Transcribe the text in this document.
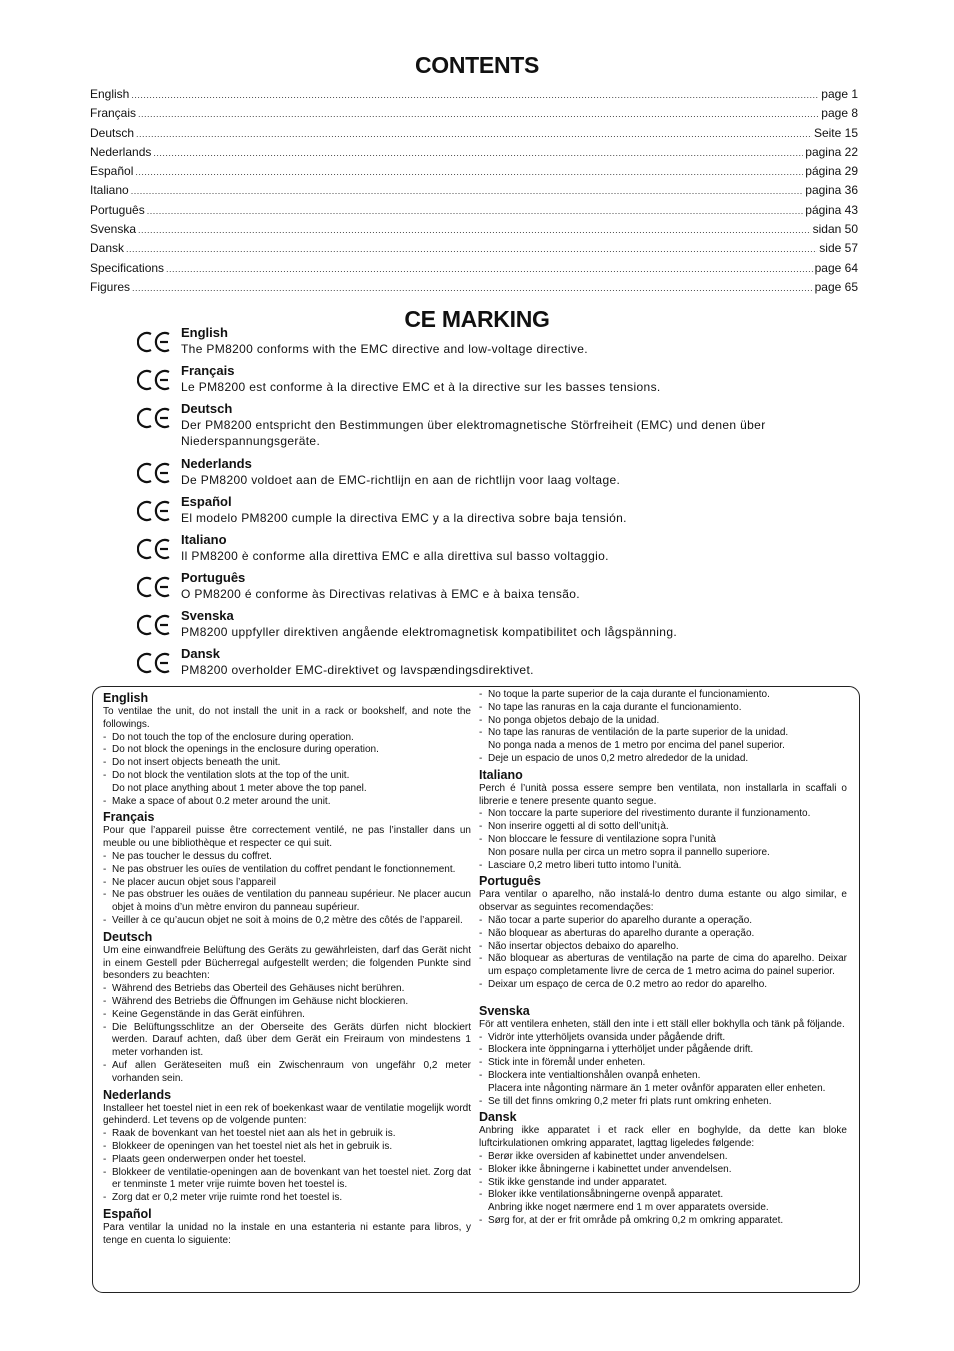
CONTENTS
English .....	page 1
Français .....	page 8
Deutsch .....	Seite 15
Nederlands .....	pagina 22
Español .....	página 29
Italiano .....	pagina 36
Português .....	página 43
Svenska .....	sidan 50
Dansk .....	side 57
Specifications .....	page 64
Figures .....	page 65
CE MARKING
English
The PM8200 conforms with the EMC directive and low-voltage directive.
Français
Le PM8200 est conforme à la directive EMC et à la directive sur les basses tensions.
Deutsch
Der PM8200 entspricht den Bestimmungen über elektromagnetische Störfreiheit (EMC) und denen über Niederspannungsgeräte.
Nederlands
De PM8200 voldoet aan de EMC-richtlijn en aan de richtlijn voor laag voltage.
Español
El modelo PM8200 cumple la directiva EMC y a la directiva sobre baja tensión.
Italiano
Il PM8200 è conforme alla direttiva EMC e alla direttiva sul basso voltaggio.
Português
O PM8200 é conforme às Directivas relativas à EMC e à baixa tensão.
Svenska
PM8200 uppfyller direktiven angående elektromagnetisk kompatibilitet och lågspänning.
Dansk
PM8200 overholder EMC-direktivet og lavspændingsdirektivet.
English
To ventilae the unit, do not install the unit in a rack or bookshelf, and note the followings.
- Do not touch the top of the enclosure during operation.
- Do not block the openings in the enclosure during operation.
- Do not insert objects beneath the unit.
- Do not block the ventilation slots at the top of the unit.
Do not place anything about 1 meter above the top panel.
- Make a space of about 0.2 meter around the unit.
Français
Pour que l’appareil puisse être correctement ventilé, ne pas l’installer dans un meuble ou une bibliothèque et respecter ce qui suit.
- Ne pas toucher le dessus du coffret.
- Ne pas obstruer les ouïes de ventilation du coffret pendant le fonctionnement.
- Ne placer aucun objet sous l’appareil
- Ne pas obstruer les ouäes de ventilation du panneau supérieur. Ne placer aucun objet à moins d’un mètre environ du panneau supérieur.
- Veiller à ce qu’aucun objet ne soit à moins de 0,2 mètre des côtés de l’appareil.
Deutsch
Um eine einwandfreie Belüftung des Geräts zu gewährleisten, darf das Gerät nicht in einem Gestell pder Bücherregal aufgestellt werden; die folgenden Punkte sind besonders zu beachten:
- Während des Betriebs das Oberteil des Gehäuses nicht berühren.
- Während des Betriebs die Öffnungen im Gehäuse nicht blockieren.
- Keine Gegenstände in das Gerät einführen.
- Die Belüftungsschlitze an der Oberseite des Geräts dürfen nicht blockiert werden. Darauf achten, daß über dem Gerät ein Freiraum von mindestens 1 meter vorhanden ist.
- Auf allen Geräteseiten muß ein Zwischenraum von ungefähr 0,2 meter vorhanden sein.
Nederlands
Installeer het toestel niet in een rek of boekenkast waar de ventilatie mogelijk wordt gehinderd. Let tevens op de volgende punten:
- Raak de bovenkant van het toestel niet aan als het in gebruik is.
- Blokkeer de openingen van het toestel niet als het in gebruik is.
- Plaats geen onderwerpen onder het toestel.
- Blokkeer de ventilatie-openingen aan de bovenkant van het toestel niet. Zorg dat er tenminste 1 meter vrije ruimte boven het toestel is.
- Zorg dat er 0,2 meter vrije ruimte rond het toestel is.
Español
Para ventilar la unidad no la instale en una estanteria ni estante para libros, y tenge en cuenta lo siguiente:
- No toque la parte superior de la caja durante el funcionamiento.
- No tape las ranuras en la caja durante el funcionamiento.
- No ponga objetos debajo de la unidad.
- No tape las ranuras de ventilación de la parte superior de la unidad.
No ponga nada a menos de 1 metro por encima del panel superior.
- Deje un espacio de unos 0,2 metro alrededor de la unidad.
Italiano
Perch é l’unità possa essere sempre ben ventilata, non installarla in scaffali o librerie e tenere presente quanto segue.
- Non toccare la parte superiore del rivestimento durante il funzionamento.
- Non inserire oggetti al di sotto dell’unit¡à.
- Non bloccare le fessure di ventilazione sopra l’unità
Non posare nulla per circa un metro sopra il pannello superiore.
- Lasciare 0,2 metro liberi tutto intomo l’unità.
Português
Para ventilar o aparelho, não instalá-lo dentro duma estante ou algo similar, e observar as seguintes recomendações:
- Não tocar a parte superior do aparelho durante a operação.
- Não bloquear as aberturas do aparelho durante a operação.
- Não insertar objectos debaixo do aparelho.
- Não bloquear as aberturas de ventilação na parte de cima do aparelho. Deixar um espaço completamente livre de cerca de 1 metro acima do painel superior.
- Deixar um espaço de cerca de 0.2 metro ao redor do aparelho.
Svenska
För att ventilera enheten, ställ den inte i ett ställ eller bokhylla och tänk på följande.
- Vidrör inte ytterhöljets ovansida under pågående drift.
- Blockera inte öppningarna i ytterhöljet under pågående drift.
- Stick inte in föremål under enheten.
- Blockera inte ventialtionshålen ovanpå enheten.
Placera inte någonting närmare än 1 meter ovånför apparaten eller enheten.
- Se till det finns omkring 0,2 meter fri plats runt omkring enheten.
Dansk
Anbring ikke apparatet i et rack eller en boghylde, da dette kan bloke luftcirkulationen omkring apparatet, lagttag ligeledes følgende:
- Berør ikke oversiden af kabinettet under anvendelsen.
- Bloker ikke åbningerne i kabinettet under anvendelsen.
- Stik ikke genstande ind under apparatet.
- Bloker ikke ventilationsåbningerne ovenpå apparatet.
Anbring ikke noget nærmere end 1 m over apparatets overside.
- Sørg for, at der er frit område på omkring 0,2 m omkring apparatet.
